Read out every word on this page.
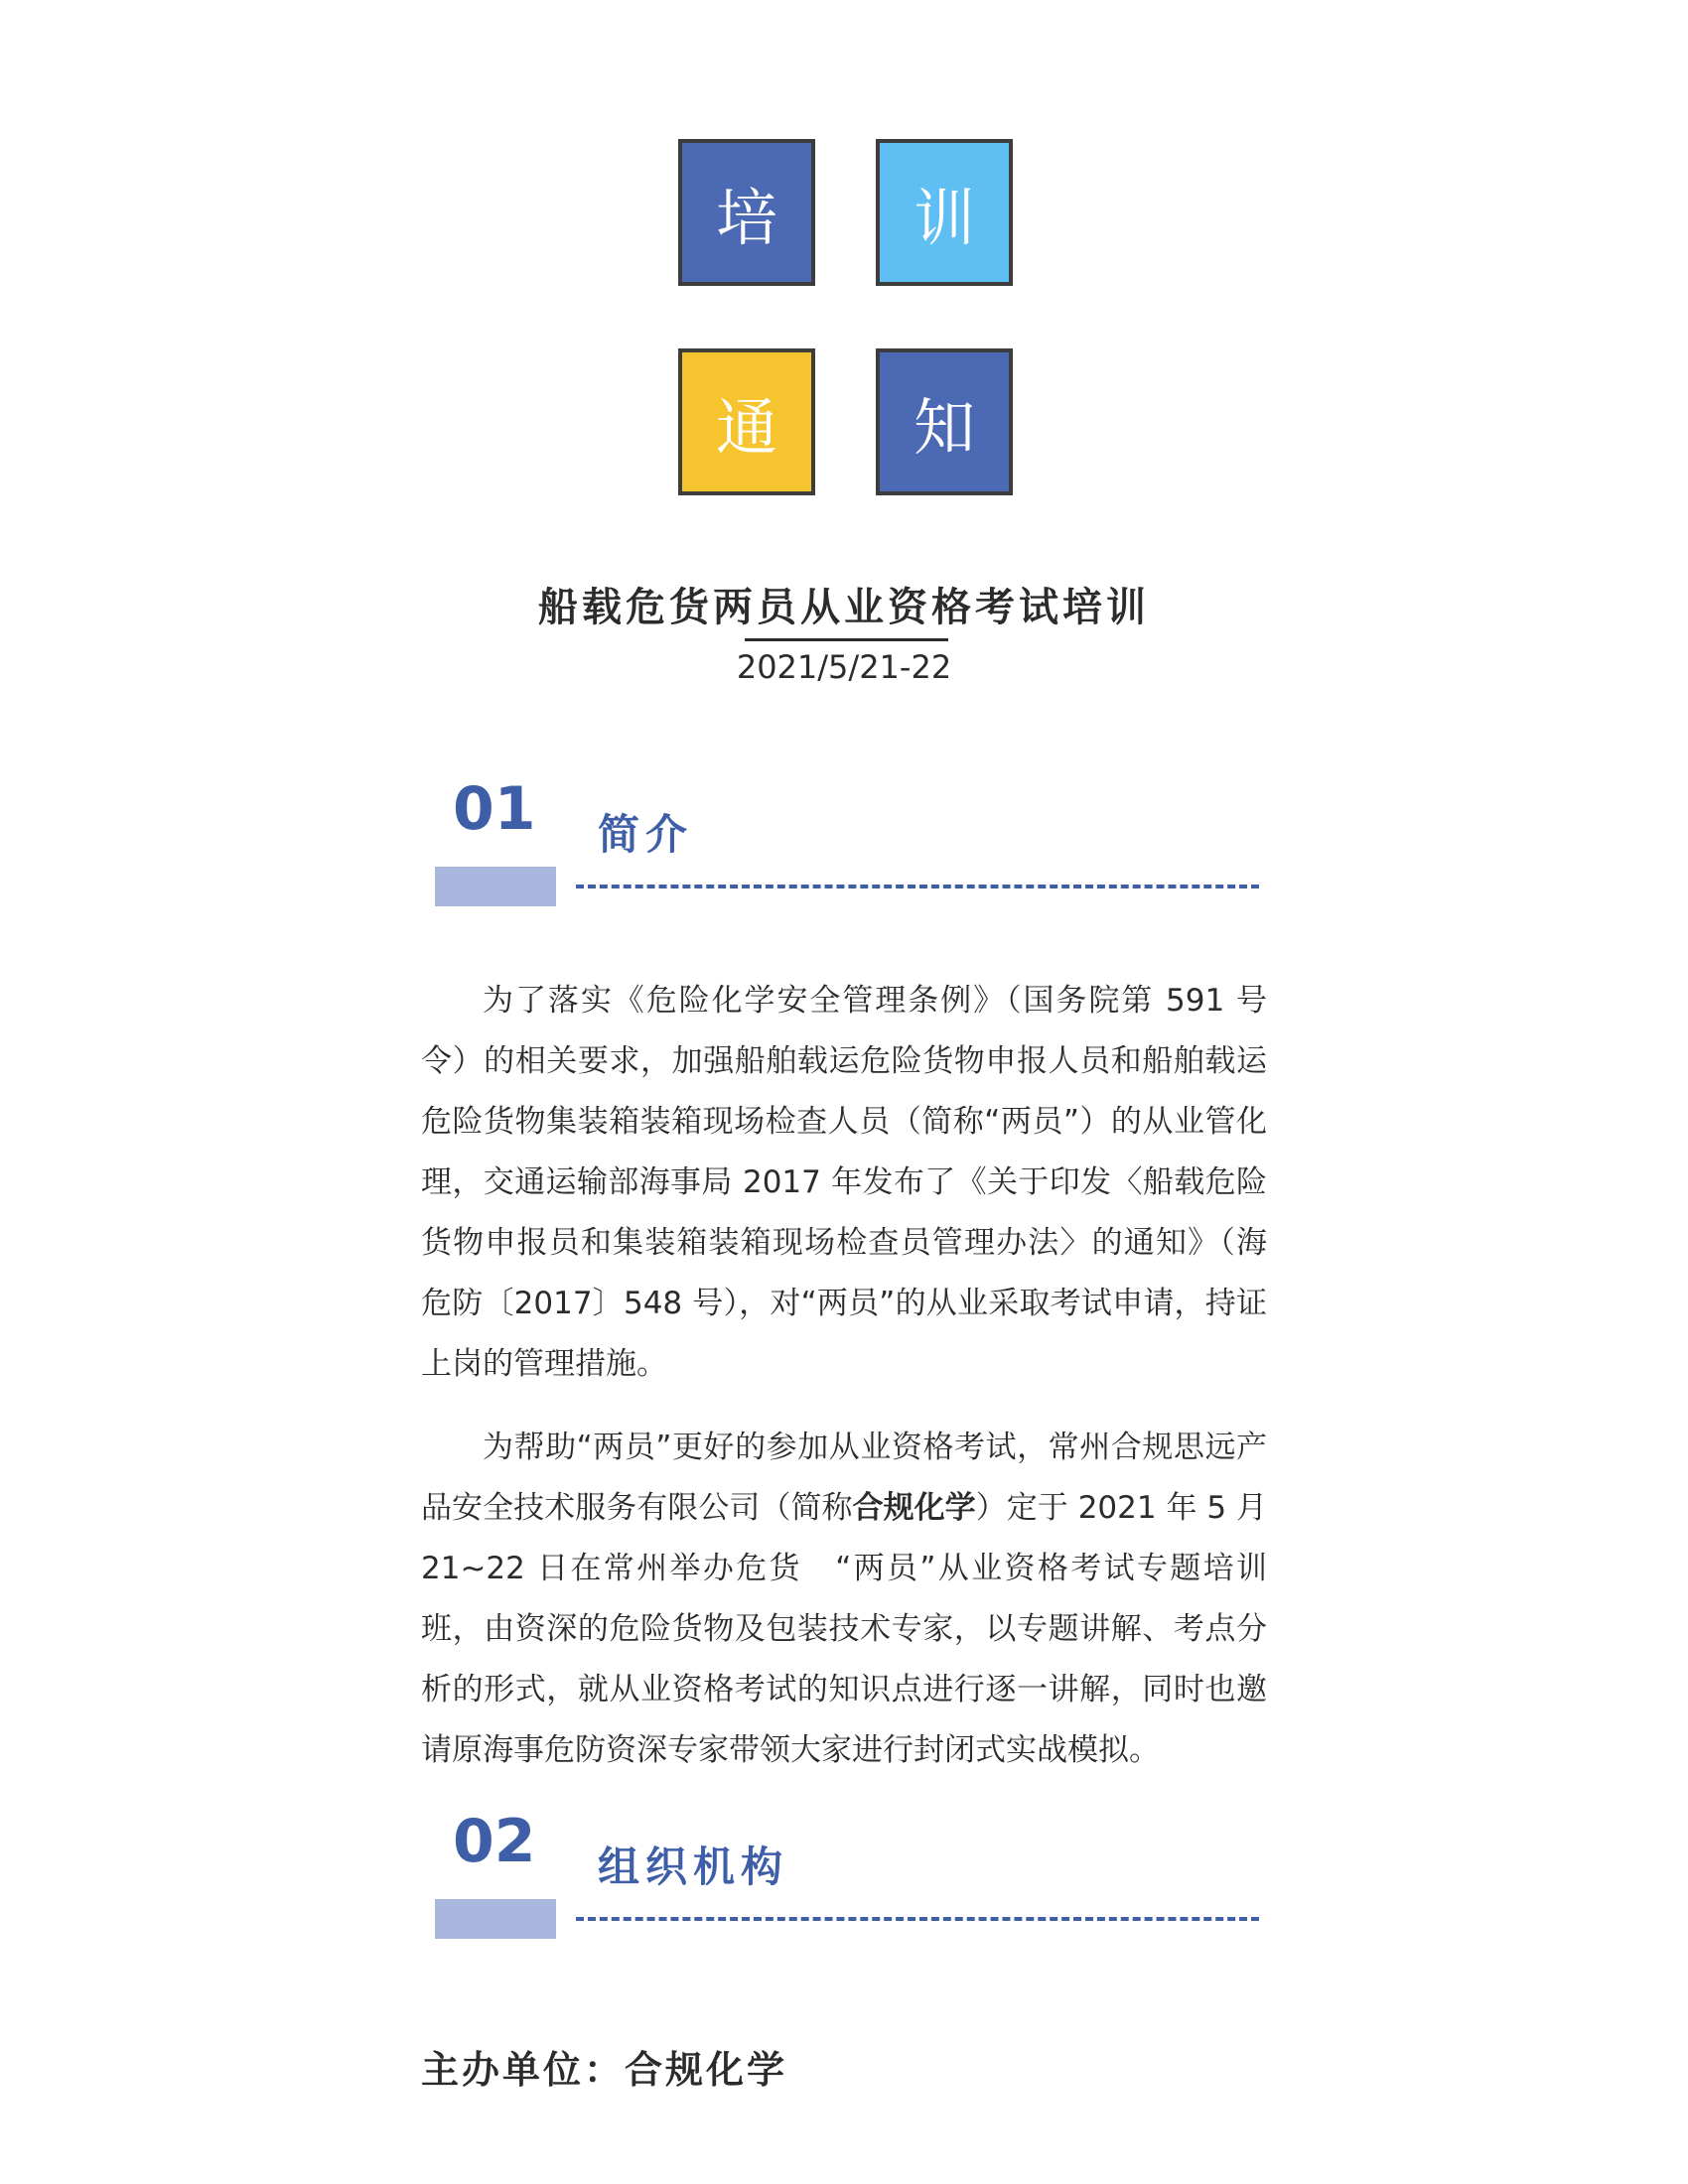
培 训
通 知
船载危货两员从业资格考试培训
2021/5/21-22
01 简介

为了落实《危险化学安全管理条例》（国务院第 591 号令）的相关要求，加强船舶载运危险货物申报人员和船舶载运危险货物集装箱装箱现场检查人员（简称“两员”）的从业管化理，交通运输部海事局 2017 年发布了《关于印发〈船载危险货物申报员和集装箱装箱现场检查员管理办法〉的通知》（海危防〔2017〕548 号），对“两员”的从业采取考试申请，持证上岗的管理措施。

为帮助“两员”更好的参加从业资格考试，常州合规思远产品安全技术服务有限公司（简称合规化学）定于 2021 年 5 月 21~22 日在常州举办危货　“两员”从业资格考试专题培训班，由资深的危险货物及包装技术专家，以专题讲解、考点分析的形式，就从业资格考试的知识点进行逐一讲解，同时也邀请原海事危防资深专家带领大家进行封闭式实战模拟。

02 组织机构
主办单位：合规化学
